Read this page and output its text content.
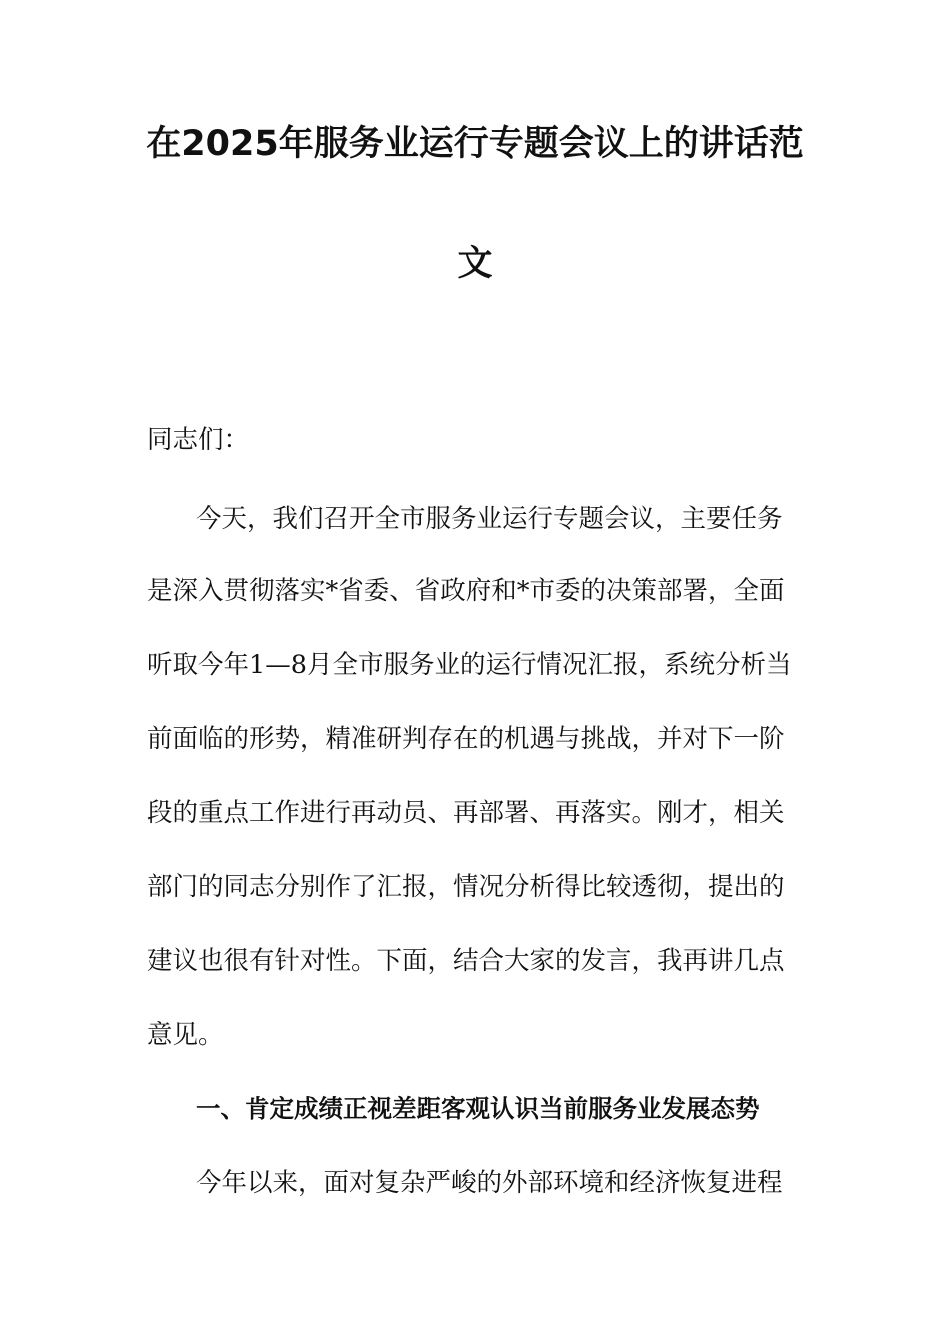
在2025年服务业运行专题会议上的讲话范
文

同志们：

今天，我们召开全市服务业运行专题会议，主要任务

是深入贯彻落实*省委、省政府和*市委的决策部署，全面

听取今年1—8月全市服务业的运行情况汇报，系统分析当

前面临的形势，精准研判存在的机遇与挑战，并对下一阶

段的重点工作进行再动员、再部署、再落实。刚才，相关

部门的同志分别作了汇报，情况分析得比较透彻，提出的

建议也很有针对性。下面，结合大家的发言，我再讲几点

意见。

一、肯定成绩正视差距客观认识当前服务业发展态势

今年以来，面对复杂严峻的外部环境和经济恢复进程
